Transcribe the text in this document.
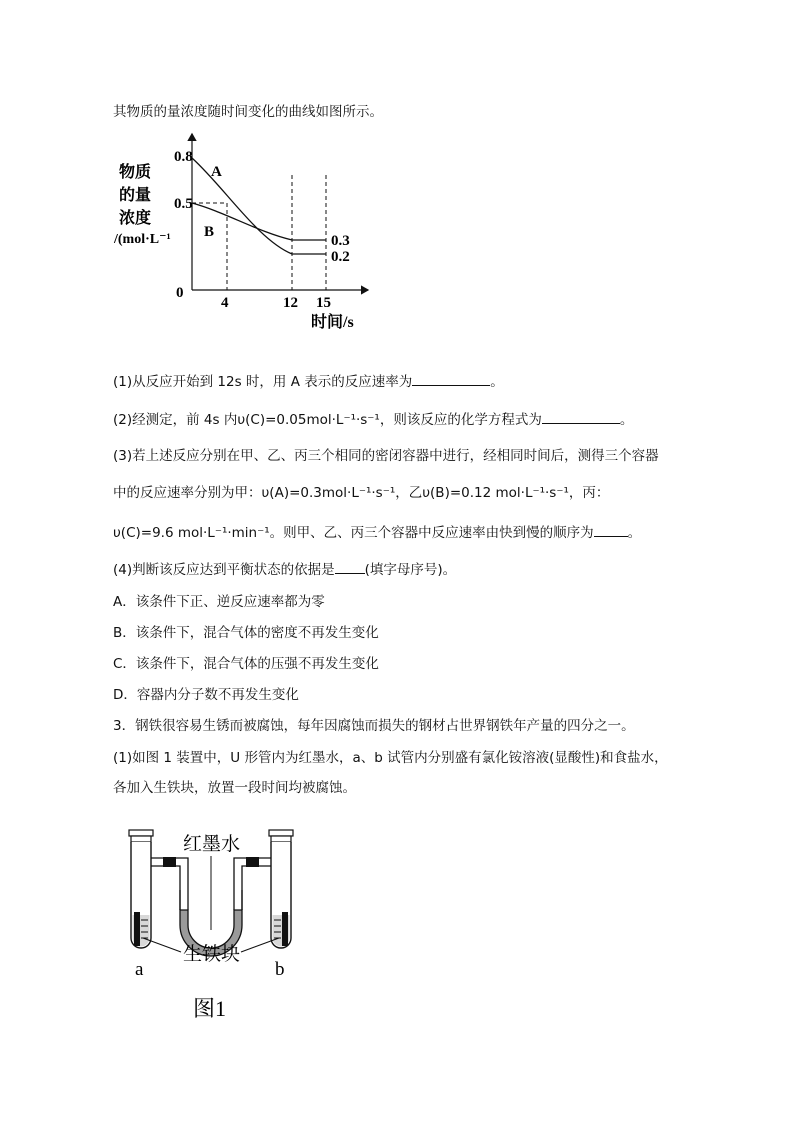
其物质的量浓度随时间变化的曲线如图所示。
物质
的量
浓度
/(mol·L⁻¹
0.8
0.5
0
4	12 15
时间/s
A
B
0.3
0.2
(1)从反应开始到 12s 时，用 A 表示的反应速率为	。
(2)经测定，前 4s 内υ(C)=0.05mol·L⁻¹·s⁻¹，则该反应的化学方程式为	。
(3)若上述反应分别在甲、乙、丙三个相同的密闭容器中进行，经相同时间后，测得三个容器
中的反应速率分别为甲：υ(A)=0.3mol·L⁻¹·s⁻¹，乙υ(B)=0.12 mol·L⁻¹·s⁻¹，丙：
υ(C)=9.6 mol·L⁻¹·min⁻¹。则甲、乙、丙三个容器中反应速率由快到慢的顺序为	。
(4)判断该反应达到平衡状态的依据是 (填字母序号)。
A．该条件下正、逆反应速率都为零
B．该条件下，混合气体的密度不再发生变化
C．该条件下，混合气体的压强不再发生变化
D．容器内分子数不再发生变化
3．钢铁很容易生锈而被腐蚀，每年因腐蚀而损失的钢材占世界钢铁年产量的四分之一。
(1)如图 1 装置中，U 形管内为红墨水，a、b 试管内分别盛有氯化铵溶液(显酸性)和食盐水，
各加入生铁块，放置一段时间均被腐蚀。
红墨水
生铁块
a	b
图1
